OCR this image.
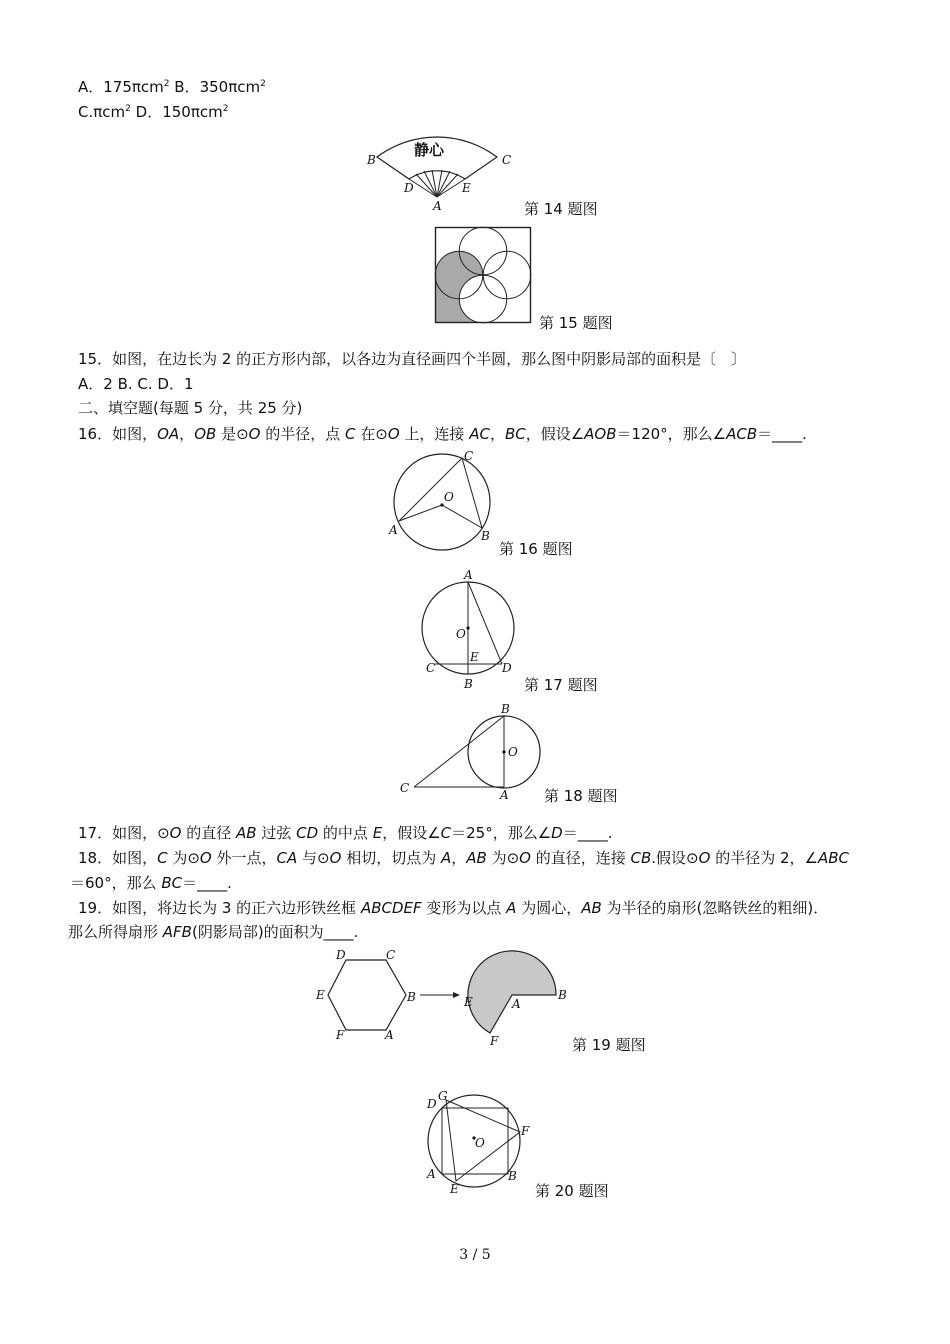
A．175πcm$^2$ B．350πcm$^2$
C.πcm$^2$ D．150πcm$^2$
静心
B	C
D	E
A	第 14 题图
第 15 题图
15．如图，在边长为 2 的正方形内部，以各边为直径画四个半圆，那么图中阴影局部的面积是〔　〕
A．2 B. C. D．1
二、填空题(每题 5 分，共 25 分)
16．如图，OA，OB 是⊙O 的半径，点 C 在⊙O 上，连接 AC，BC，假设∠AOB＝120°，那么∠ACB＝____.
C
O
A	B
第 16 题图
A
O
E
C	D
B	第 17 题图
B
O
C	A 第 18 题图
17．如图，⊙O 的直径 AB 过弦 CD 的中点 E，假设∠C＝25°，那么∠D＝____.
18．如图，C 为⊙O 外一点，CA 与⊙O 相切，切点为 A，AB 为⊙O 的直径，连接 CB.假设⊙O 的半径为 2，∠ABC
＝60°，那么 BC＝____.
19．如图，将边长为 3 的正六边形铁丝框 ABCDEF 变形为以点 A 为圆心，AB 为半径的扇形(忽略铁丝的粗细)．
那么所得扇形 AFB(阴影局部)的面积为____.
D	C
E	B
F	A
E	A
B
F	第 19 题图
G
D
O
F
A
E
B
第 20 题图
3 / 5
